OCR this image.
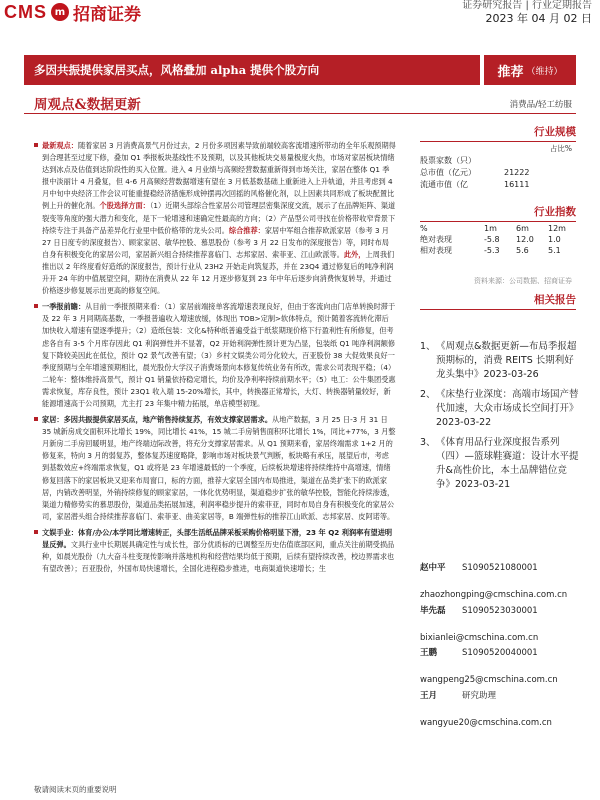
CMS m 招商证券	证券研究报告 | 行业定期报告
2023 年 04 月 02 日
多因共振提供家居买点，风格叠加 alpha 提供个股方向	推荐 （维持）
周观点&数据更新	消费品/轻工纺服

最新观点：随着家居 3 月消费高景气月份过去，2 月份多项因素导致前端较高客流增速所带动的全年乐观预期得到合理甚至过度下修，叠加 Q1 季报板块基线性不及预期，以及其他板块交易量极度火热，市场对家居板块情绪达到冰点及估值到达阶段性的买入位置。进入 4 月业绩与高频经营数据重新得到市场关注，家居在整体 Q1 季报中淡丽计 4 月叠复，但 4-6 月高频经营数据增速有望在 3 月低基数基础上重新进入上升轨道，并且考虑到 4 月中旬中央经济工作会议可能重提稳经济措施形成钟摆再次回摇的风格催化剂，以上因素共同形成了板块配置比例上升的催化剂。个股选择方面：（1）近期头部综合性家居公司管理层密集深度交流，展示了在品牌矩阵、渠道裂变等角度的强大潜力和变化，是下一轮增速和速确定性最高的方向；（2）产品型公司寻找在价格带收窄背景下持续专注于具备产品差异化行业里中低价格带的龙头公司。综合推荐：家居中军组合推荐欧派家居（参考 3 月 27 日日度专的深度报告）、顾家家居、敏华控股、慕思股份（参考 3 月 22 日发布的深度报告）等，同时布局自身有积极变化的家居公司，家居新兴组合持续推荐喜临门、志邦家居、索菲亚、江山欧派等。此外，上周我们推出以 2 年终度看好造纸的深度报告，预计行业从 23H2 开始走向筑复苏，并在 23Q4 通过修复后的吨净利润升开 24 年的中值展望空间，期待在消费从 22 年 12 月逐步修复到 23 年中年后逐步向消费恢复转导，并通过价格逐步修复展示出更高的修复空间。

一季报前瞻：从目前一季报预期来看：（1）家居前端接单客流增速表现良好，但由于客流向由门店单转换时滞于及 22 年 3 月同期高基数，一季报普遍收入增速放缓，体现出 TOB>定制>软体特点，预计随着客流转化滞后加快收入增速有望逐季提升；（2）造纸包装：文化&特种纸普遍受益于纸浆期现价格下行盈利性有所修复，但考虑各自有 3-5 个月库存因此 Q1 利润弹性并不显著，Q2 开始利润弹性预计更为凸显，包装纸 Q1 吨净利润额修复下降较美因此在低位，预计 Q2 景气改善有望；（3）乡村文娱类公司分化较大，百亚股份 38 大促效果良好一季度预期与全年增速预期相比，晨光股份大学汉子消费场景向本修复传统业务有所改，需求公司表现平稳；（4）二轮车：整体维持高景气，预计 Q1 销量依持稳定增长，均价及净利率持续前期水平；（5）电工：公牛集团受惠需求恢复，库存良性，预计 23Q1 收入端 15-20%增长，其中，转换器正常增长，大灯、转换器销量较好，新能源增速高于公司预期，尤主打 23 年集中精力拓展，单店模型初现。

家居：多因共振提供家居买点，地产销售持续复苏，有效支撑家居需求。从地产数据，3 月 25 日-3 月 31 日 35 城新房成交面积环比增长 19%，同比增长 41%，15 城二手房销售面积环比增长 1%，同比+77%，3 月整月新房二手房回暖明显，地产终端边际改善，将充分支撑家居需求。从 Q1 预期来看，家居终端需求 1+2 月的修复来，特向 3 月的弱复苏，整体复苏速度略降，影响市场对板块景气判断，板块略有承压，展望后市，考虑到基数效应+终端需求恢复，Q1 或将是 23 年增速最低的一个季度，后续板块增速将持续维持中高增速，情绪修复回落下的家居板块又迎来布局窗口，标的方面，推荐大家居全国内布局推进，渠道在品类扩张下的欧派家居，内销改善明显，外销持续修复的顾家家居，一体化优势明显，渠道稳步扩张的敏华控股，智能化持续渗透，渠道力精修势实的慕思股份，渠道品类拓展加速，利润率稳步提升的索菲亚，同时布局自身有积极变化的家居公司，家居潜头组合持续推荐喜临门、索菲亚、曲美家居等，B 端弹性标的推荐江山欧派、志邦家居、皮阿诺等。

文娱手业：体育/办公/本学同比增速转正，头部生活纸品牌采板采购价格明显下滑，23 年 Q2 利润率有望进明显反弹。文具行业中长期展具确定性与成长性，部分优质标的已调整至历史估值底部区间，重点关注前期受损品种，如晨光股份（九大奋斗柱变现传影响并落地机构和经营结果均低于预期，后续有望持续改善，校边界需求也有望改善）；百亚股份，外国布局快速增长，全国化进程稳步推进，电商渠道快速增长；生

行业规模
占比%
股票家数（只）
总市值（亿元）	21222
流通市值（亿	16111
行业指数
%	1m	6m	12m
绝对表现	-5.8	12.0	1.0
相对表现	-5.3	5.6	5.1
资料来源：公司数据、招商证券
相关报告
1、 《周观点&数据更新—布局季报超预期标的，消费 REITS 长期利好龙头集中》2023-03-26
2、 《床垫行业深度：高端市场国产替代加速，大众市场成长空间打开》2023-03-22
3、 《体育用品行业深度报告系列（四）—篮球鞋赛道：设计水平提升&高性价比，本土品牌错位竞争》2023-03-21
赵中平 S1090521080001
zhaozhongping@cmschina.com.cn
毕先磊 S1090523030001
bixianlei@cmschina.com.cn
王鹏	S1090520040001
wangpeng25@cmschina.com.cn
王月	研究助理
wangyue20@cmschina.com.cn
敬请阅读末页的重要说明
